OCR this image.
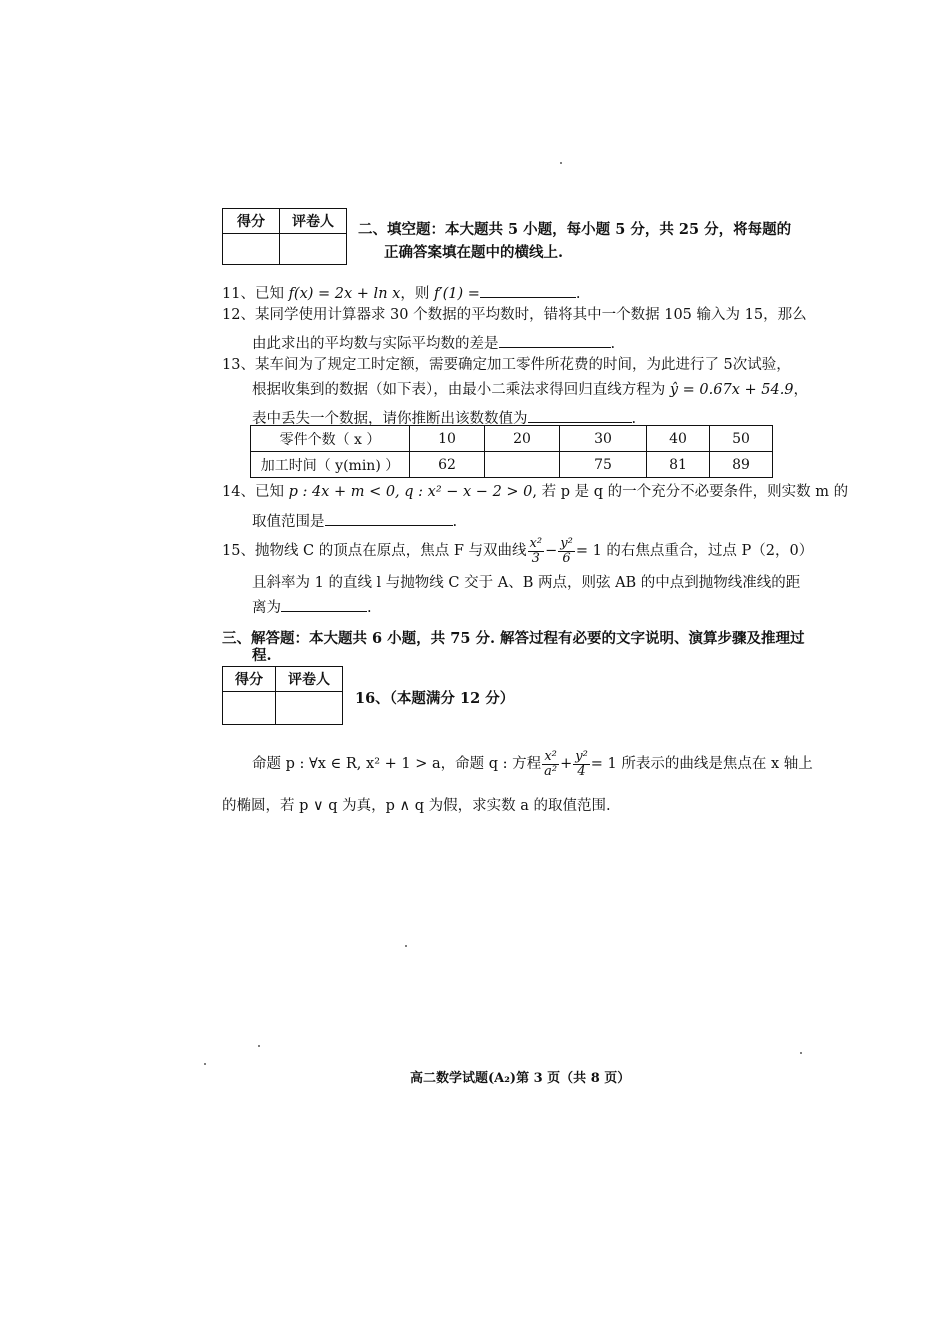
得分	评卷人
	二、填空题：本大题共 5 小题，每小题 5 分，共 25 分，将每题的
正确答案填在题中的横线上.
11、已知 f(x) = 2x + ln x，则 f′(1) =	.
12、某同学使用计算器求 30 个数据的平均数时，错将其中一个数据 105 输入为 15，那么
由此求出的平均数与实际平均数的差是	.
13、某车间为了规定工时定额，需要确定加工零件所花费的时间，为此进行了 5次试验，
根据收集到的数据（如下表），由最小二乘法求得回归直线方程为 ŷ = 0.67x + 54.9，
表中丢失一个数据，请你推断出该数数值为	.
零件个数（ x ）	10	20	30	40	50
加工时间（ y(min) ）	62		75	81	89
14、已知 p : 4x + m < 0, q : x² − x − 2 > 0, 若 p 是 q 的一个充分不必要条件，则实数 m 的
取值范围是	.
15、抛物线 C 的顶点在原点，焦点 F 与双曲线 $\frac{\text{x²}}{3} - \frac{\text{y²}}{6} = 1$ 的右焦点重合，过点 P（2，0）
且斜率为 1 的直线 l 与抛物线 C 交于 A、B 两点，则弦 AB 的中点到抛物线准线的距
离为	.
三、解答题：本大题共 6 小题，共 75 分. 解答过程有必要的文字说明、演算步骤及推理过
程.
得分	评卷人

16、（本题满分 12 分）
命题 p : ∀x ∈ R, x² + 1 > a，命题 q : 方程 $\frac{\text{x²}}{\text{a²}} + \frac{\text{y²}}{4} = 1$ 所表示的曲线是焦点在 x 轴上
的椭圆，若 p ∨ q 为真，p ∧ q 为假，求实数 a 的取值范围.
高二数学试题(A₂)第 3 页（共 8 页）
